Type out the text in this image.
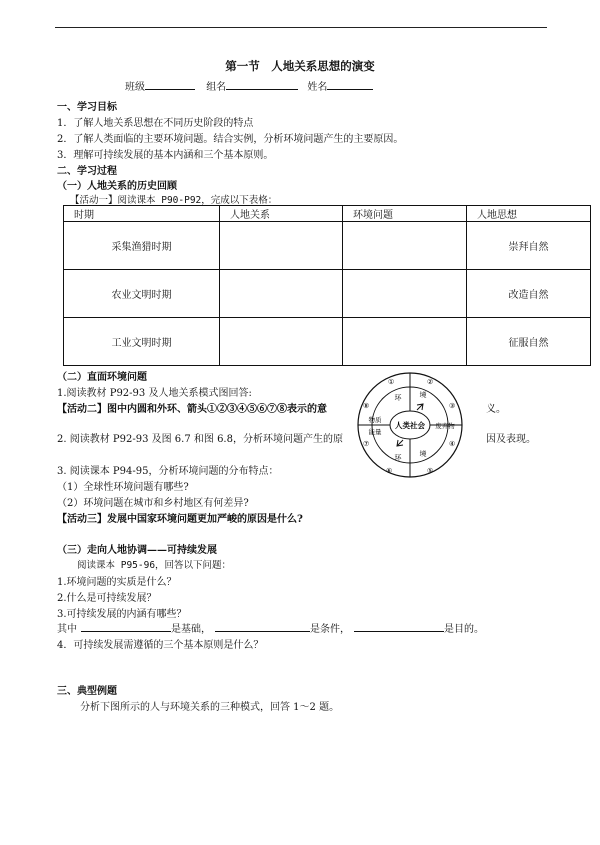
第一节　人地关系思想的演变
班级	组名	姓名
一、学习目标
1．了解人地关系思想在不同历史阶段的特点
2．了解人类面临的主要环境问题。结合实例，分析环境问题产生的主要原因。
3．理解可持续发展的基本内涵和三个基本原则。
二、学习过程
（一）人地关系的历史回顾
【活动一】阅读课本 P90-P92，完成以下表格：
时期	人地关系	环境问题	人地思想
采集渔猎时期			崇拜自然
农业文明时期			改造自然
工业文明时期			征服自然
（二）直面环境问题
1.阅读教材 P92-93 及人地关系模式图回答:
【活动二】图中内圆和外环、箭头①②③④⑤⑥⑦⑧表示的意	义。
2. 阅读教材 P92-93 及图 6.7 和图 6.8，分析环境问题产生的原	因及表现。
人类社会
物质
能量
废弃物
环	境
环	境
①	②
③
④
⑤
⑥
⑦
⑧
3. 阅读课本 P94-95，分析环境问题的分布特点：
（1）全球性环境问题有哪些?
（2）环境问题在城市和乡村地区有何差异?
【活动三】发展中国家环境问题更加严峻的原因是什么?
（三）走向人地协调——可持续发展
阅读课本 P95-96，回答以下问题：
1.环境问题的实质是什么？
2.什么是可持续发展？
3.可持续发展的内涵有哪些？
其中	是基础，	是条件，	是目的。
4．可持续发展需遵循的三个基本原则是什么？
三、典型例题
分析下图所示的人与环境关系的三种模式，回答 1～2 题。
